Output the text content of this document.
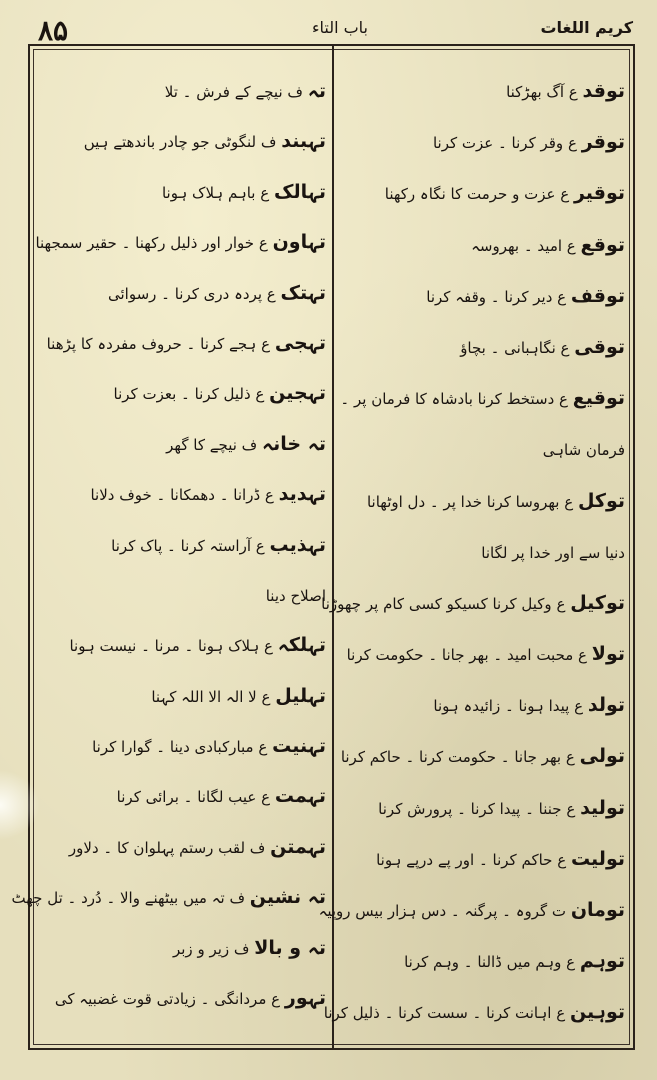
۸۵	باب التاء	کریم اللغات
توقد ع آگ بھڑکنا
توقر ع وقر کرنا ۔ عزت کرنا
توقیر ع عزت و حرمت کا نگاہ رکھنا
توقع ع امید ۔ بھروسہ
توقف ع دیر کرنا ۔ وقفہ کرنا
توقی ع نگاہبانی ۔ بچاؤ
توقیع ع دستخط کرنا بادشاہ کا فرمان پر ۔
فرمان شاہی
توکل ع بھروسا کرنا خدا پر ۔ دل اوٹھانا
دنیا سے اور خدا پر لگانا
توکیل ع وکیل کرنا کسیکو کسی کام پر چھوڑنا
تولا ع محبت امید ۔ بھر جانا ۔ حکومت کرنا
تولد ع پیدا ہونا ۔ زائیدہ ہونا
تولی ع بھر جانا ۔ حکومت کرنا ۔ حاکم کرنا
تولید ع جننا ۔ پیدا کرنا ۔ پرورش کرنا
تولیت ع حاکم کرنا ۔ اور پے درپے ہونا
تومان ت گروہ ۔ پرگنہ ۔ دس ہزار بیس روپیہ
توہم ع وہم میں ڈالنا ۔ وہم کرنا
توہین ع اہانت کرنا ۔ سست کرنا ۔ ذلیل کرنا
تہ ف نیچے کے فرش ۔ تلا
تہبند ف لنگوٹی جو چادر باندھتے ہیں
تہالک ع باہم ہلاک ہونا
تہاون ع خوار اور ذلیل رکھنا ۔ حقیر سمجھنا
تہتک ع پردہ دری کرنا ۔ رسوائی
تہجی ع ہجے کرنا ۔ حروف مفردہ کا پڑھنا
تہجین ع ذلیل کرنا ۔ بعزت کرنا
تہ خانہ ف نیچے کا گھر
تہدید ع ڈرانا ۔ دھمکانا ۔ خوف دلانا
تہذیب ع آراستہ کرنا ۔ پاک کرنا
اصلاح دینا
تہلکہ ع ہلاک ہونا ۔ مرنا ۔ نیست ہونا
تہلیل ع لا الہ الا اللہ کہنا
تہنیت ع مبارکبادی دینا ۔ گوارا کرنا
تہمت ع عیب لگانا ۔ برائی کرنا
تہمتن ف لقب رستم پہلوان کا ۔ دلاور
تہ نشین ف تہ میں بیٹھنے والا ۔ دُرد ۔ تل چھٹ
تہ و بالا ف زیر و زبر
تہور ع مردانگی ۔ زیادتی قوت غضبیہ کی
